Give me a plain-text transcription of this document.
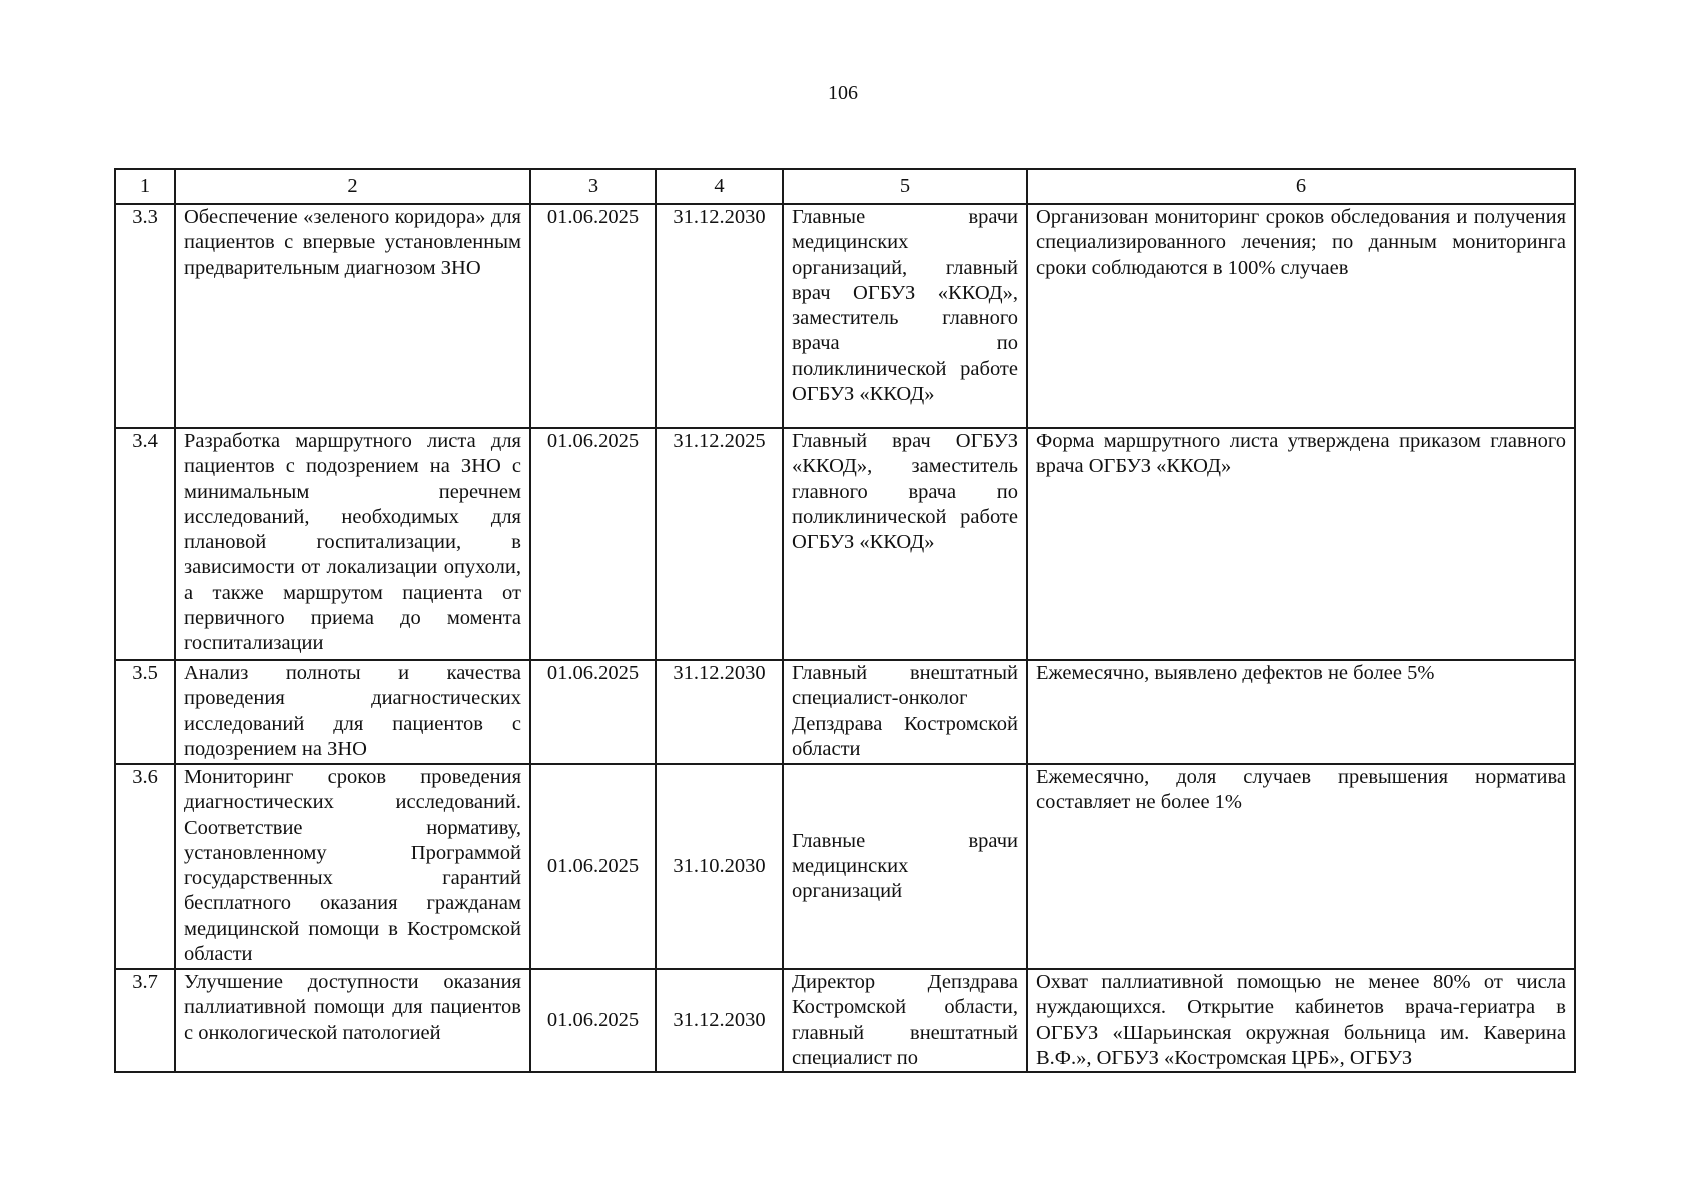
106
1	2	3	4	5	6
3.3	Обеспечение «зеленого коридора» для пациентов с впервые установленным предварительным диагнозом ЗНО	01.06.2025	31.12.2030	Главные врачи медицинских организаций, главный врач ОГБУЗ «ККОД», заместитель главного врача по поликлинической работе ОГБУЗ «ККОД»	Организован мониторинг сроков обследования и получения специализированного лечения; по данным мониторинга сроки соблюдаются в 100% случаев
3.4	Разработка маршрутного листа для пациентов с подозрением на ЗНО с минимальным перечнем исследований, необходимых для плановой госпитализации, в зависимости от локализации опухоли, а также маршрутом пациента от первичного приема до момента госпитализации	01.06.2025	31.12.2025	Главный врач ОГБУЗ «ККОД», заместитель главного врача по поликлинической работе ОГБУЗ «ККОД»	Форма маршрутного листа утверждена приказом главного врача ОГБУЗ «ККОД»
3.5	Анализ полноты и качества проведения диагностических исследований для пациентов с подозрением на ЗНО	01.06.2025	31.12.2030	Главный внештатный специалист-онколог Депздрава Костромской области	Ежемесячно, выявлено дефектов не более 5%
3.6	Мониторинг сроков проведения диагностических исследований. Соответствие нормативу, установленному Программой государственных гарантий бесплатного оказания гражданам медицинской помощи в Костромской области	01.06.2025	31.10.2030	Главные врачи медицинских организаций	Ежемесячно, доля случаев превышения норматива составляет не более 1%
3.7	Улучшение доступности оказания паллиативной помощи для пациентов с онкологической патологией	01.06.2025	31.12.2030	Директор Депздрава Костромской области, главный внештатный специалист по	Охват паллиативной помощью не менее 80% от числа нуждающихся. Открытие кабинетов врача-гериатра в ОГБУЗ «Шарьинская окружная больница им. Каверина В.Ф.», ОГБУЗ «Костромская ЦРБ», ОГБУЗ
